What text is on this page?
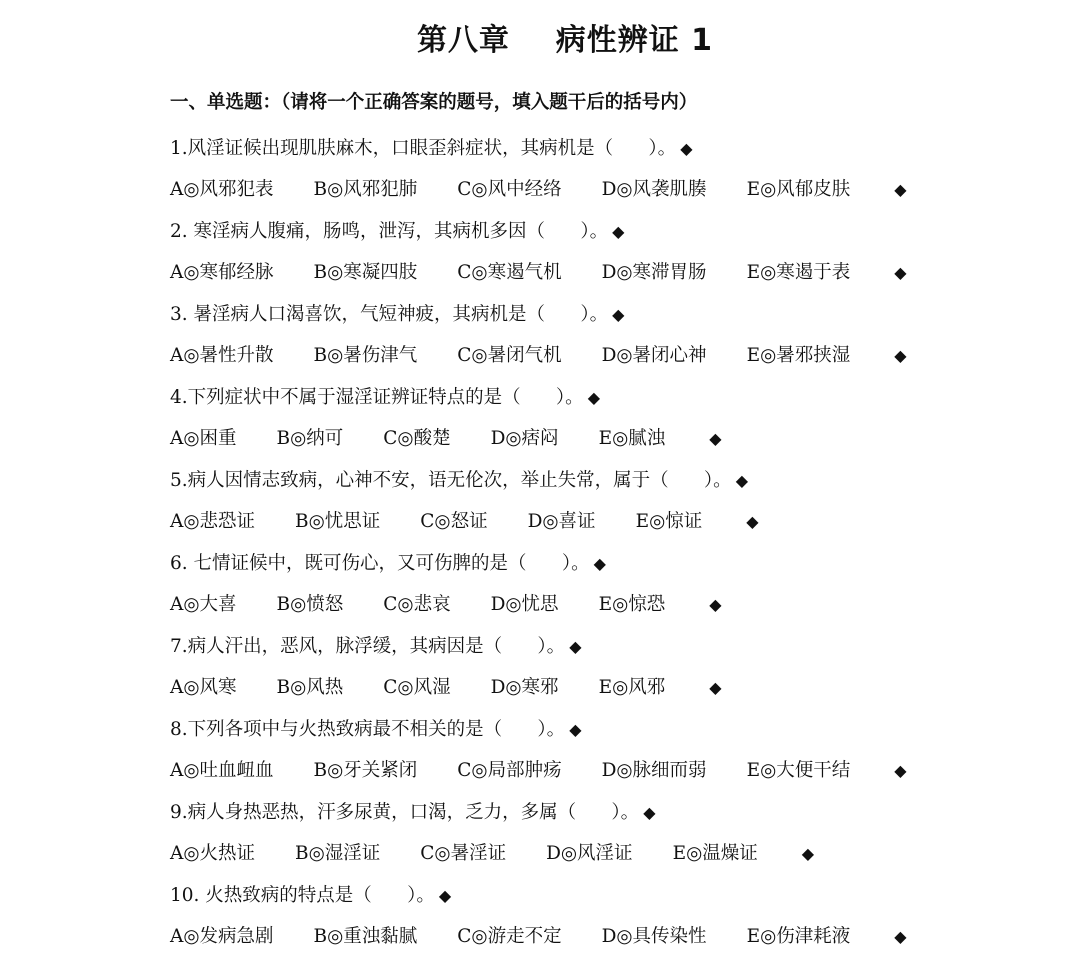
第八章    病性辨证 1
一、单选题：（请将一个正确答案的题号，填入题干后的括号内）
1.风淫证候出现肌肤麻木，口眼歪斜症状，其病机是（      ）。 ◆
A◎风邪犯表 B◎风邪犯肺 C◎风中经络 D◎风袭肌腠 E◎风郁皮肤	◆
2. 寒淫病人腹痛，肠鸣，泄泻，其病机多因（      ）。 ◆
A◎寒郁经脉 B◎寒凝四肢 C◎寒遏气机 D◎寒滞胃肠 E◎寒遏于表	◆
3. 暑淫病人口渴喜饮，气短神疲，其病机是（      ）。 ◆
A◎暑性升散 B◎暑伤津气 C◎暑闭气机 D◎暑闭心神 E◎暑邪挟湿	◆
4.下列症状中不属于湿淫证辨证特点的是（      ）。 ◆
A◎困重 B◎纳可 C◎酸楚 D◎痞闷 E◎腻浊	◆
5.病人因情志致病，心神不安，语无伦次，举止失常，属于（      ）。 ◆
A◎悲恐证 B◎忧思证 C◎怒证 D◎喜证 E◎惊证	◆
6. 七情证候中，既可伤心，又可伤脾的是（      ）。 ◆
A◎大喜 B◎愤怒 C◎悲哀 D◎忧思 E◎惊恐	◆
7.病人汗出，恶风，脉浮缓，其病因是（      ）。 ◆
A◎风寒 B◎风热 C◎风湿 D◎寒邪 E◎风邪	◆
8.下列各项中与火热致病最不相关的是（      ）。 ◆
A◎吐血衄血 B◎牙关紧闭 C◎局部肿疡 D◎脉细而弱 E◎大便干结	◆
9.病人身热恶热，汗多尿黄，口渴，乏力，多属（      ）。 ◆
A◎火热证 B◎湿淫证 C◎暑淫证 D◎风淫证 E◎温燥证	◆
10. 火热致病的特点是（      ）。 ◆
A◎发病急剧 B◎重浊黏腻 C◎游走不定 D◎具传染性 E◎伤津耗液	◆
